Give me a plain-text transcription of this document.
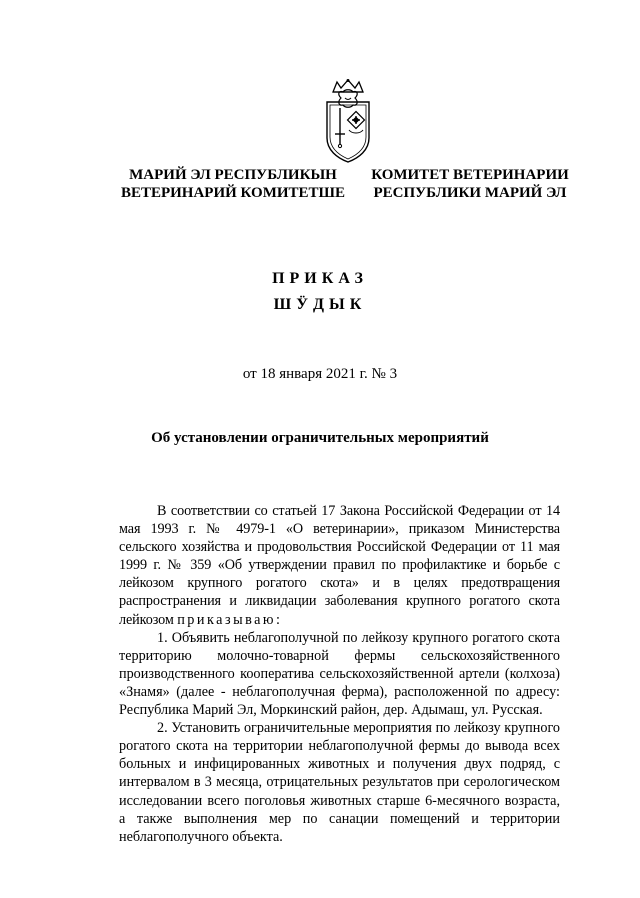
МАРИЙ ЭЛ РЕСПУБЛИКЫН
ВЕТЕРИНАРИЙ КОМИТЕТШЕ
КОМИТЕТ ВЕТЕРИНАРИИ
РЕСПУБЛИКИ МАРИЙ ЭЛ
ПРИКАЗ
ШӰДЫК
от 18 января 2021 г. № 3
Об установлении ограничительных мероприятий

В соответствии со статьей 17 Закона Российской Федерации от 14 мая 1993 г. № 4979-1 «О ветеринарии», приказом Министерства сельского хозяйства и продовольствия Российской Федерации от 11 мая 1999 г. № 359 «Об утверждении правил по профилактике и борьбе с лейкозом крупного рогатого скота» и в целях предотвращения распространения и ликвидации заболевания крупного рогатого скота лейкозом приказываю:

1. Объявить неблагополучной по лейкозу крупного рогатого скота территорию молочно-товарной фермы сельскохозяйственного производственного кооператива сельскохозяйственной артели (колхоза) «Знамя» (далее - неблагополучная ферма), расположенной по адресу: Республика Марий Эл, Моркинский район, дер. Адымаш, ул. Русская.

2. Установить ограничительные мероприятия по лейкозу крупного рогатого скота на территории неблагополучной фермы до вывода всех больных и инфицированных животных и получения двух подряд, с интервалом в 3 месяца, отрицательных результатов при серологическом исследовании всего поголовья животных старше 6-месячного возраста, а также выполнения мер по санации помещений и территории неблагополучного объекта.
